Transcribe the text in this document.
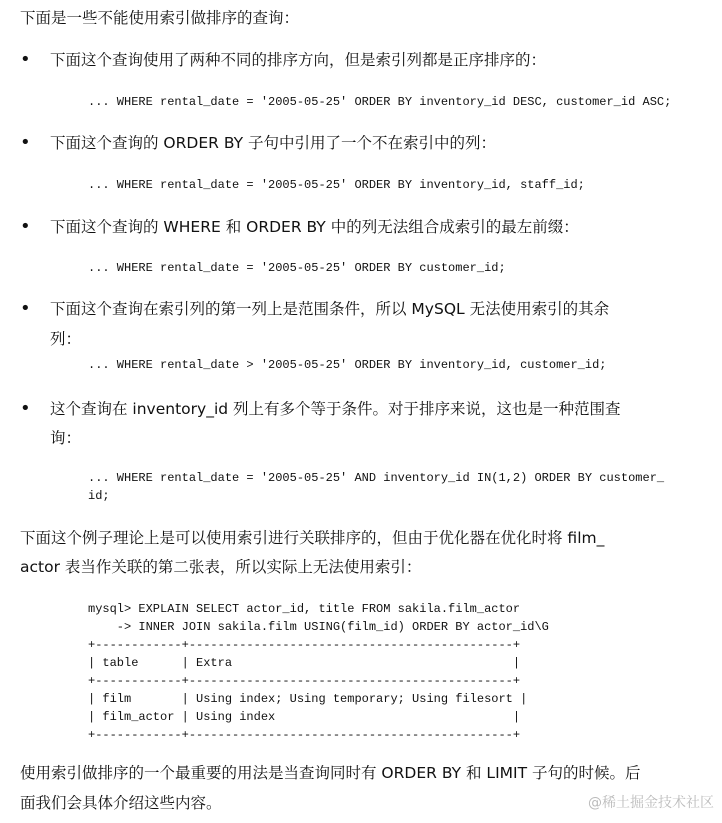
下面是一些不能使用索引做排序的查询：
• 下面这个查询使用了两种不同的排序方向，但是索引列都是正序排序的：
... WHERE rental_date = '2005-05-25' ORDER BY inventory_id DESC, customer_id ASC;
• 下面这个查询的 ORDER BY 子句中引用了一个不在索引中的列：
... WHERE rental_date = '2005-05-25' ORDER BY inventory_id, staff_id;
• 下面这个查询的 WHERE 和 ORDER BY 中的列无法组合成索引的最左前缀：
... WHERE rental_date = '2005-05-25' ORDER BY customer_id;
• 下面这个查询在索引列的第一列上是范围条件，所以 MySQL 无法使用索引的其余
列：
... WHERE rental_date > '2005-05-25' ORDER BY inventory_id, customer_id;
• 这个查询在 inventory_id 列上有多个等于条件。对于排序来说，这也是一种范围查
询：
... WHERE rental_date = '2005-05-25' AND inventory_id IN(1,2) ORDER BY customer_
id;
下面这个例子理论上是可以使用索引进行关联排序的，但由于优化器在优化时将 film_
actor 表当作关联的第二张表，所以实际上无法使用索引：
mysql> EXPLAIN SELECT actor_id, title FROM sakila.film_actor
-> INNER JOIN sakila.film USING(film_id) ORDER BY actor_id\G
+------------+---------------------------------------------+
| table      | Extra                                       |
+------------+---------------------------------------------+
| film       | Using index; Using temporary; Using filesort |
| film_actor | Using index                                 |
+------------+---------------------------------------------+
使用索引做排序的一个最重要的用法是当查询同时有 ORDER BY 和 LIMIT 子句的时候。后
面我们会具体介绍这些内容。	@稀土掘金技术社区
